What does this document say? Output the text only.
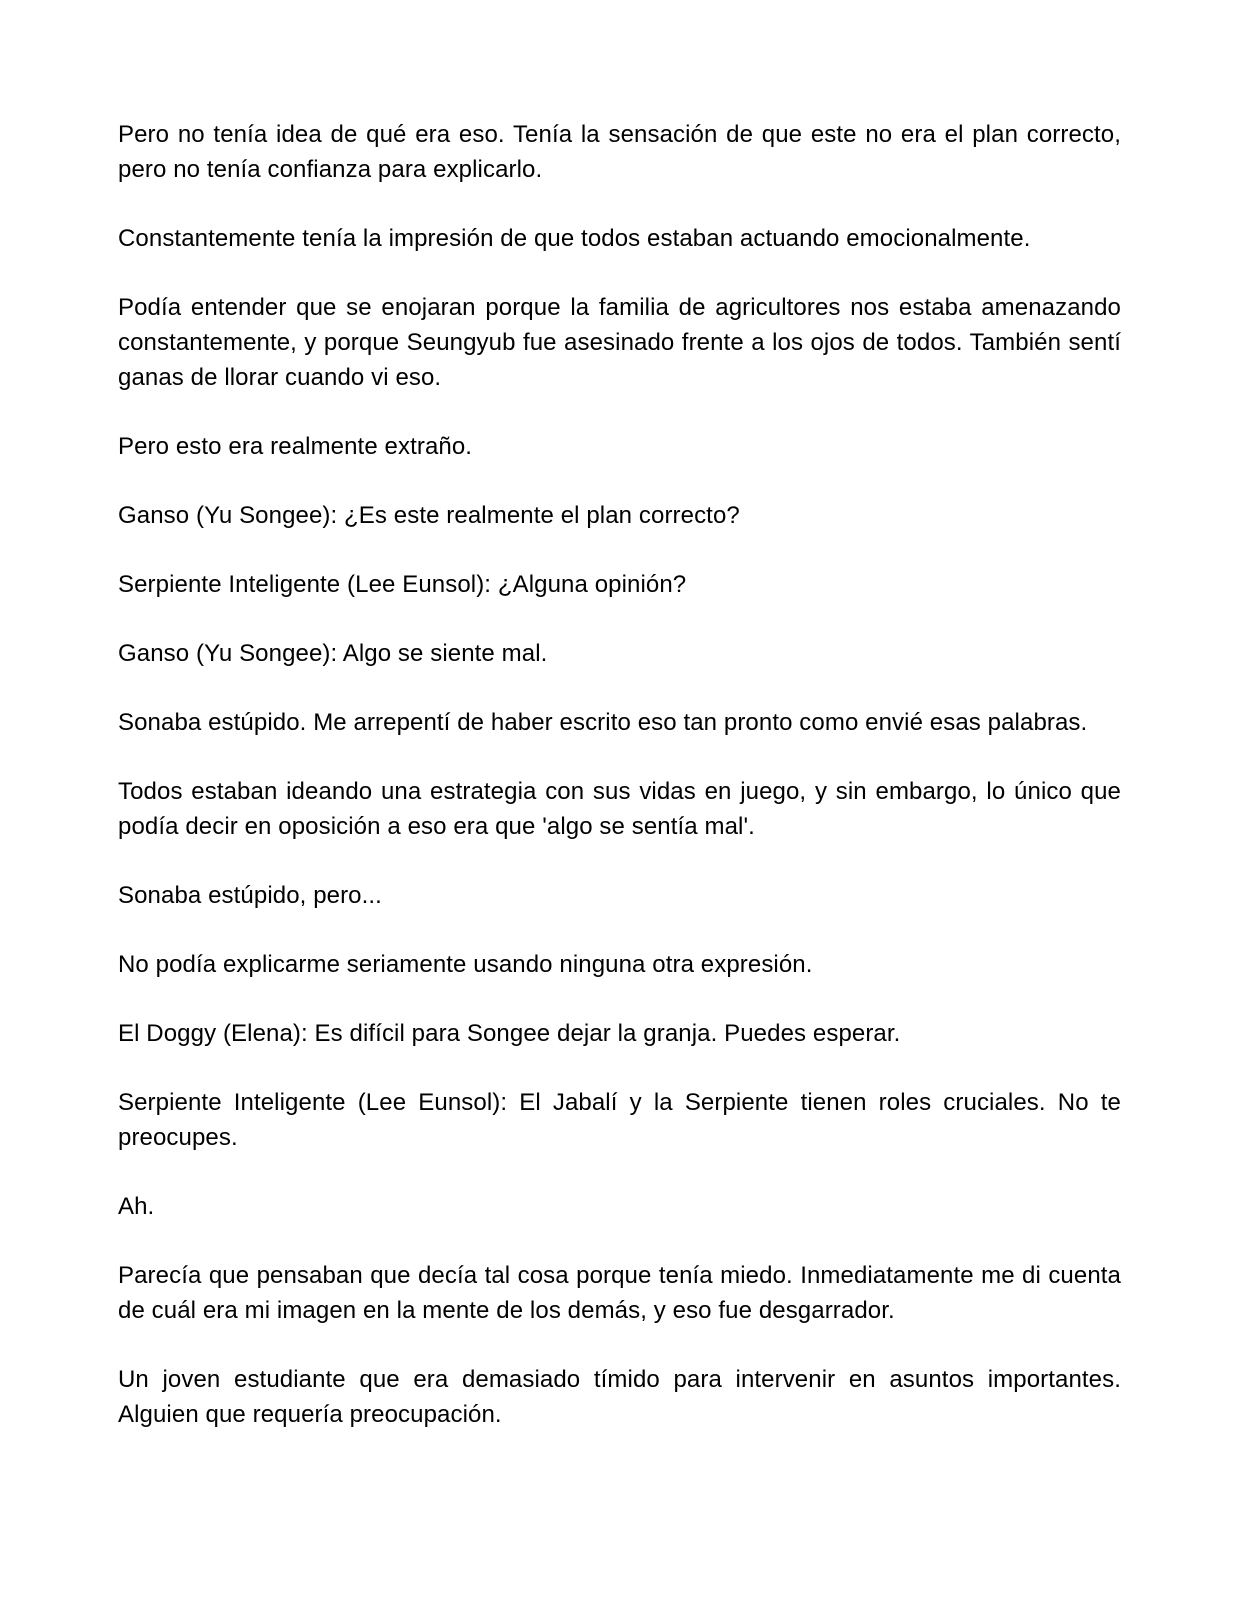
Pero no tenía idea de qué era eso. Tenía la sensación de que este no era el plan correcto, pero no tenía confianza para explicarlo.

Constantemente tenía la impresión de que todos estaban actuando emocionalmente.

Podía entender que se enojaran porque la familia de agricultores nos estaba amenazando constantemente, y porque Seungyub fue asesinado frente a los ojos de todos. También sentí ganas de llorar cuando vi eso.

Pero esto era realmente extraño.

Ganso (Yu Songee): ¿Es este realmente el plan correcto?

Serpiente Inteligente (Lee Eunsol): ¿Alguna opinión?

Ganso (Yu Songee): Algo se siente mal.

Sonaba estúpido. Me arrepentí de haber escrito eso tan pronto como envié esas palabras.

Todos estaban ideando una estrategia con sus vidas en juego, y sin embargo, lo único que podía decir en oposición a eso era que 'algo se sentía mal'.

Sonaba estúpido, pero...

No podía explicarme seriamente usando ninguna otra expresión.

El Doggy (Elena): Es difícil para Songee dejar la granja. Puedes esperar.

Serpiente Inteligente (Lee Eunsol): El Jabalí y la Serpiente tienen roles cruciales. No te preocupes.

Ah.

Parecía que pensaban que decía tal cosa porque tenía miedo. Inmediatamente me di cuenta de cuál era mi imagen en la mente de los demás, y eso fue desgarrador.

Un joven estudiante que era demasiado tímido para intervenir en asuntos importantes. Alguien que requería preocupación.
